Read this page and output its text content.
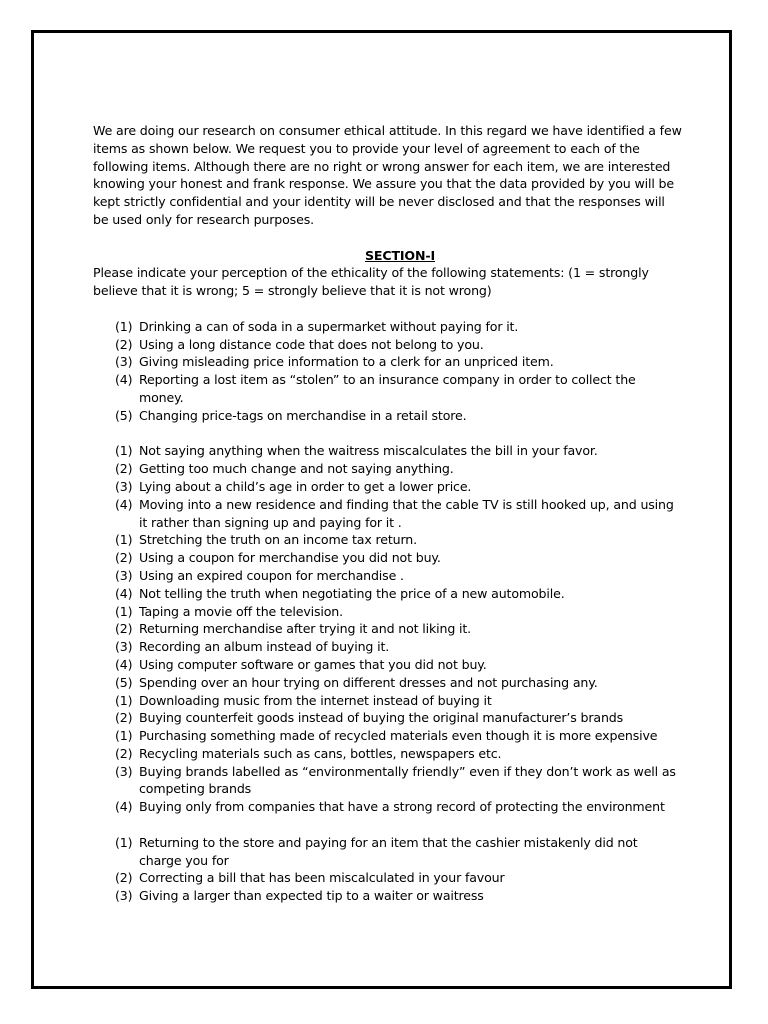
We are doing our research on consumer ethical attitude. In this regard we have identified a few items as shown below. We request you to provide your level of agreement to each of the following items. Although there are no right or wrong answer for each item, we are interested knowing your honest and frank response. We assure you that the data provided by you will be kept strictly confidential and your identity will be never disclosed and that the responses will be used only for research purposes.

SECTION-I

Please indicate your perception of the ethicality of the following statements: (1 = strongly believe that it is wrong; 5 = strongly believe that it is not wrong)

(1) Drinking a can of soda in a supermarket without paying for it.
(2) Using a long distance code that does not belong to you.
(3) Giving misleading price information to a clerk for an unpriced item.
(4) Reporting a lost item as “stolen” to an insurance company in order to collect the money.
(5) Changing price-tags on merchandise in a retail store.
(1) Not saying anything when the waitress miscalculates the bill in your favor.
(2) Getting too much change and not saying anything.
(3) Lying about a child’s age in order to get a lower price.
(4) Moving into a new residence and finding that the cable TV is still hooked up, and using it rather than signing up and paying for it .
(1) Stretching the truth on an income tax return.
(2) Using a coupon for merchandise you did not buy.
(3) Using an expired coupon for merchandise .
(4) Not telling the truth when negotiating the price of a new automobile.
(1) Taping a movie off the television.
(2) Returning merchandise after trying it and not liking it.
(3) Recording an album instead of buying it.
(4) Using computer software or games that you did not buy.
(5) Spending over an hour trying on different dresses and not purchasing any.
(1) Downloading music from the internet instead of buying it
(2) Buying counterfeit goods instead of buying the original manufacturer’s brands
(1) Purchasing something made of recycled materials even though it is more expensive
(2) Recycling materials such as cans, bottles, newspapers etc.
(3) Buying brands labelled as “environmentally friendly” even if they don’t work as well as competing brands
(4) Buying only from companies that have a strong record of protecting the environment
(1) Returning to the store and paying for an item that the cashier mistakenly did not charge you for
(2) Correcting a bill that has been miscalculated in your favour
(3) Giving a larger than expected tip to a waiter or waitress
